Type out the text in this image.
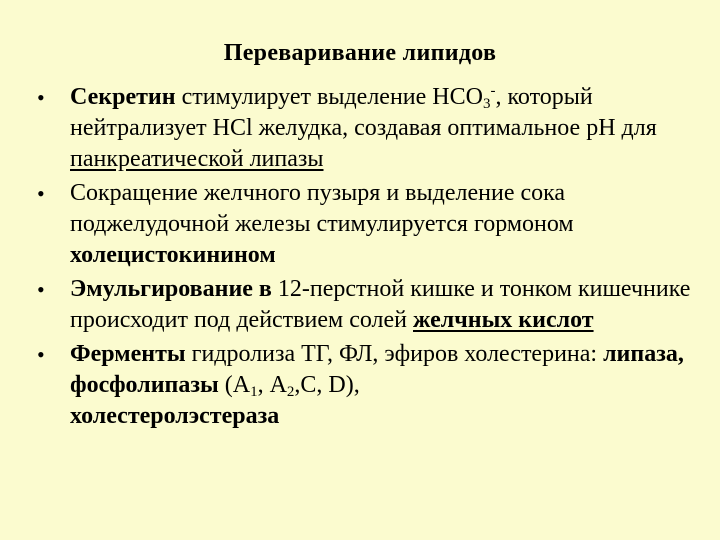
Переваривание липидов
• Секретин стимулирует выделение $НСО_3^-$, который нейтрализует НСl желудка, создавая оптимальное рН для панкреатической липазы
• Сокращение желчного пузыря и выделение сока поджелудочной железы стимулируется гормоном холецистокинином
• Эмульгирование в 12-перстной кишке и тонком кишечнике происходит под действием солей желчных кислот
• Ферменты гидролиза ТГ, ФЛ, эфиров холестерина: липаза, фосфолипазы ($А_1$, $А_2,С$, D),
холестеролэстераза
